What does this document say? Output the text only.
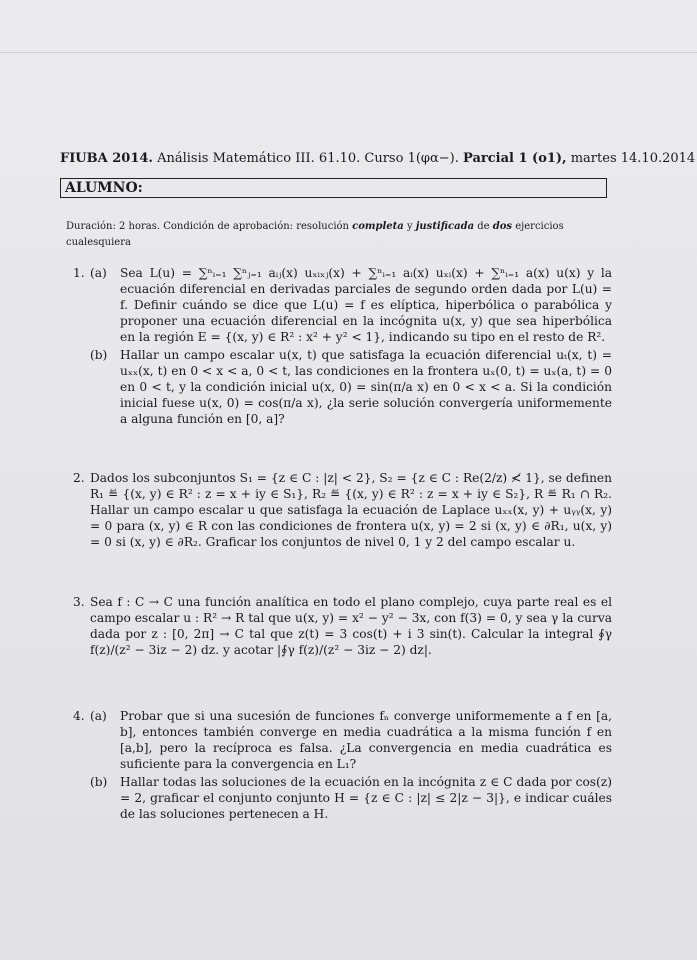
FIUBA 2014. Análisis Matemático III. 61.10. Curso 1(φα−). Parcial 1 (o1), martes 14.10.2014
ALUMNO:
Duración: 2 horas. Condición de aprobación: resolución completa y justificada de dos ejercicios cualesquiera
1. (a) Sea L(u) = ∑ⁿᵢ₌₁ ∑ⁿⱼ₌₁ aᵢⱼ(x) uₓᵢₓⱼ(x) + ∑ⁿᵢ₌₁ aᵢ(x) uₓᵢ(x) + ∑ⁿᵢ₌₁ a(x) u(x) y la ecuación diferencial en derivadas parciales de segundo orden dada por L(u) = f. Definir cuándo se dice que L(u) = f es elíptica, hiperbólica o parabólica y proponer una ecuación diferencial en la incógnita u(x, y) que sea hiperbólica en la región E = {(x, y) ∈ R² : x² + y² < 1}, indicando su tipo en el resto de R².
(b) Hallar un campo escalar u(x, t) que satisfaga la ecuación diferencial uₜ(x, t) = uₓₓ(x, t) en 0 < x < a, 0 < t, las condiciones en la frontera uₓ(0, t) = uₓ(a, t) = 0 en 0 < t, y la condición inicial u(x, 0) = sin(π/a x) en 0 < x < a. Si la condición inicial fuese u(x, 0) = cos(π/a x), ¿la serie solución convergería uniformemente a alguna función en [0, a]?
2. Dados los subconjuntos S₁ = {z ∈ C : |z| < 2}, S₂ = {z ∈ C : Re(2/z) ≮ 1}, se definen R₁ ≝ {(x, y) ∈ R² : z = x + iy ∈ S₁}, R₂ ≝ {(x, y) ∈ R² : z = x + iy ∈ S₂}, R ≝ R₁ ∩ R₂. Hallar un campo escalar u que satisfaga la ecuación de Laplace uₓₓ(x, y) + uᵧᵧ(x, y) = 0 para (x, y) ∈ R con las condiciones de frontera u(x, y) = 2 si (x, y) ∈ ∂R₁, u(x, y) = 0 si (x, y) ∈ ∂R₂. Graficar los conjuntos de nivel 0, 1 y 2 del campo escalar u.
3. Sea f : C → C una función analítica en todo el plano complejo, cuya parte real es el campo escalar u : R² → R tal que u(x, y) = x² − y² − 3x, con f(3) = 0, y sea γ la curva dada por z : [0, 2π] → C tal que z(t) = 3 cos(t) + i 3 sin(t). Calcular la integral ∮γ f(z)/(z² − 3iz − 2) dz. y acotar |∮γ f(z)/(z² − 3iz − 2) dz|.
4. (a) Probar que si una sucesión de funciones fₙ converge uniformemente a f en [a, b], entonces también converge en media cuadrática a la misma función f en [a,b], pero la recíproca es falsa. ¿La convergencia en media cuadrática es suficiente para la convergencia en L₁?
(b) Hallar todas las soluciones de la ecuación en la incógnita z ∈ C dada por cos(z) = 2, graficar el conjunto conjunto H = {z ∈ C : |z| ≤ 2|z − 3|}, e indicar cuáles de las soluciones pertenecen a H.
